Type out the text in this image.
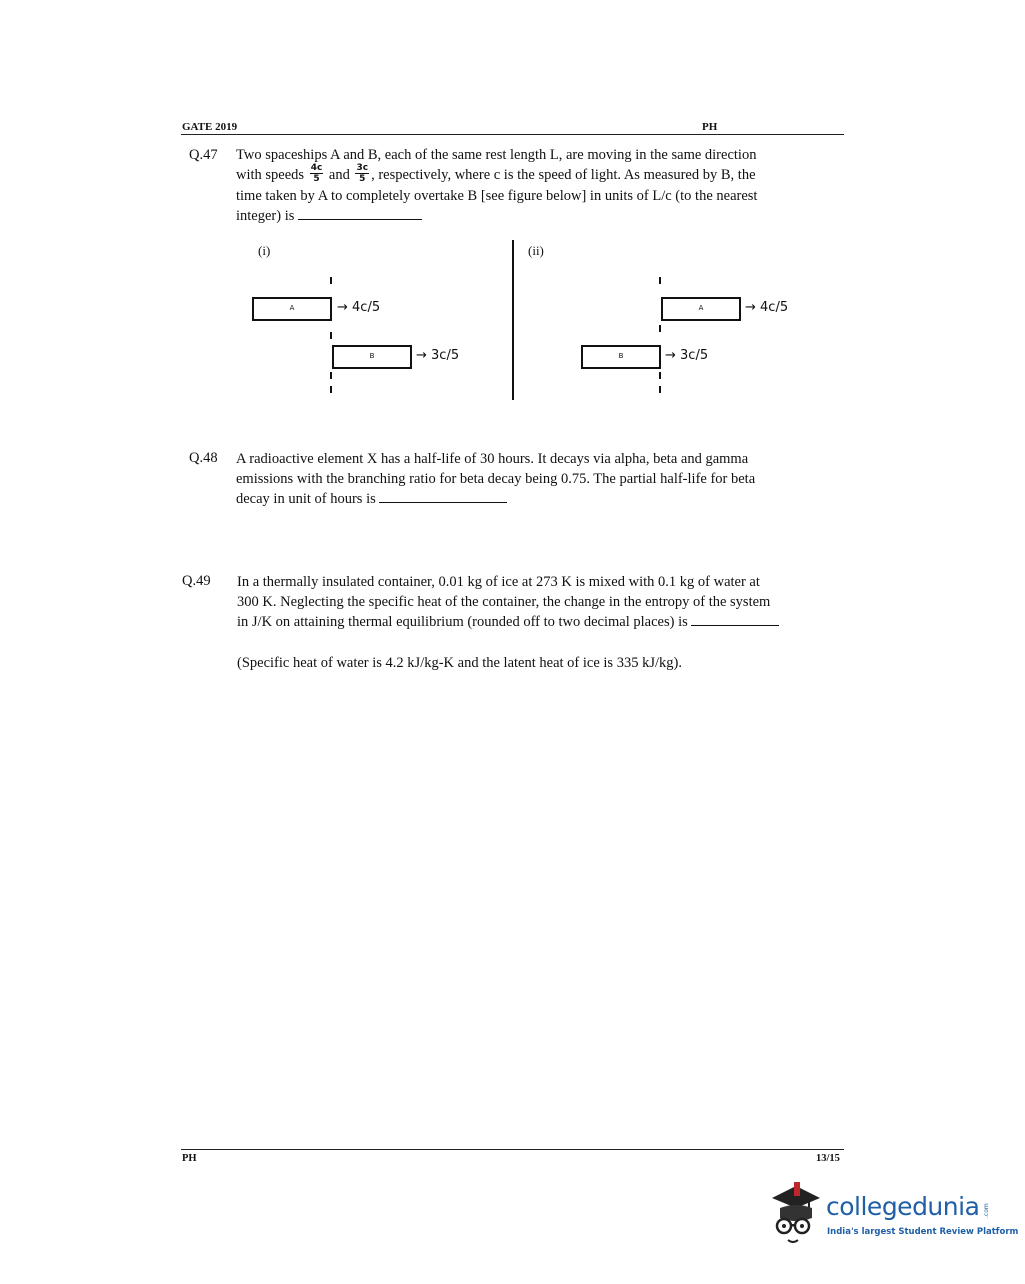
GATE 2019	PH
Q.47 Two spaceships A and B, each of the same rest length L, are moving in the same direction
with speeds $\frac{4c}{5}$ and $\frac{3c}{5}$ , respectively, where c is the speed of light. As measured by B, the
time taken by A to completely overtake B [see figure below] in units of L/c (to the nearest
integer) is
(i)	(ii)
A	→ 4c/5
B	→ 3c/5
A	→ 4c/5
B	→ 3c/5
Q.48 A radioactive element X has a half-life of 30 hours. It decays via alpha, beta and gamma
emissions with the branching ratio for beta decay being 0.75. The partial half-life for beta
decay in unit of hours is
Q.49 In a thermally insulated container, 0.01 kg of ice at 273 K is mixed with 0.1 kg of water at
300 K. Neglecting the specific heat of the container, the change in the entropy of the system
in J/K on attaining thermal equilibrium (rounded off to two decimal places) is
(Specific heat of water is 4.2 kJ/kg-K and the latent heat of ice is 335 kJ/kg).
PH	13/15
collegedunia .com
India's largest Student Review Platform
